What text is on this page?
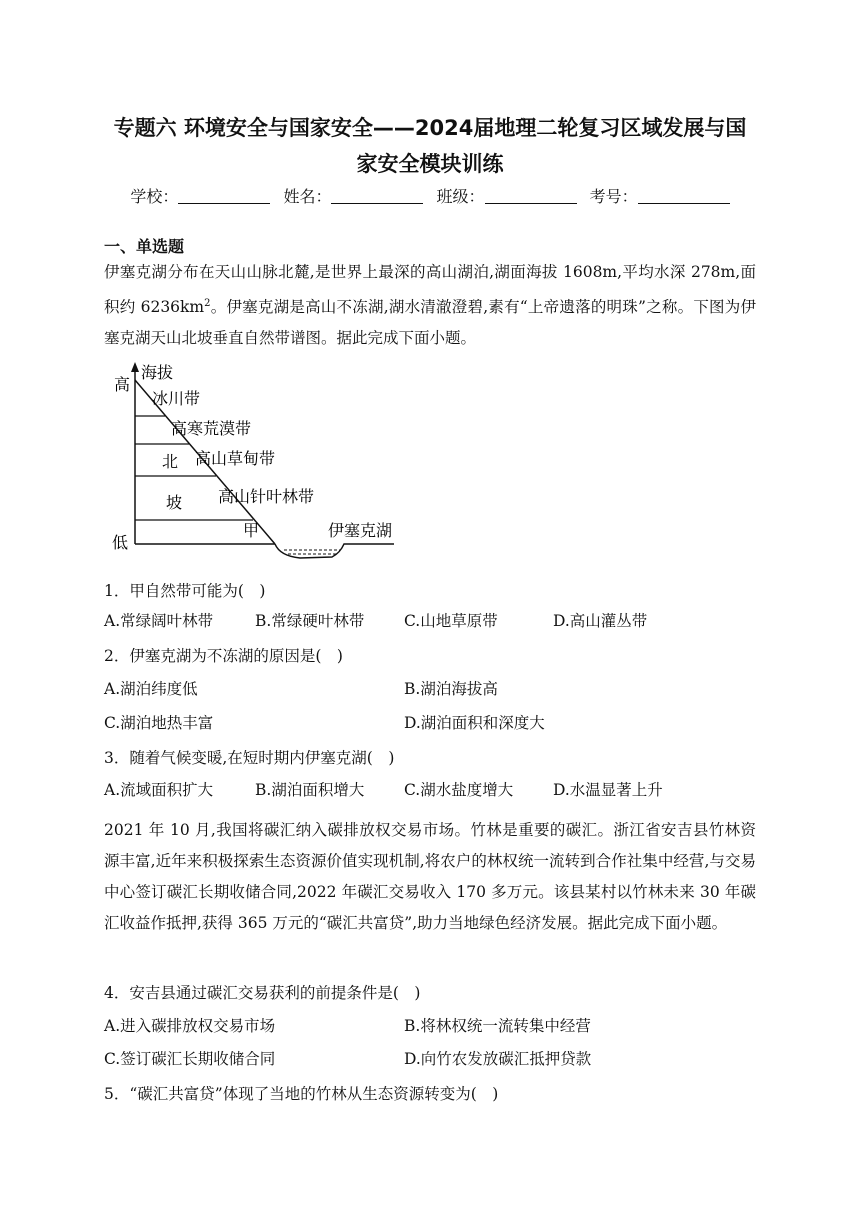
专题六 环境安全与国家安全——2024届地理二轮复习区域发展与国
家安全模块训练
学校：	姓名：	班级：	考号：
一、单选题
伊塞克湖分布在天山山脉北麓,是世界上最深的高山湖泊,湖面海拔 1608m,平均水深 278m,面积约 $6236km^2$。伊塞克湖是高山不冻湖,湖水清澈澄碧,素有“上帝遗落的明珠”之称。下图为伊塞克湖天山北坡垂直自然带谱图。据此完成下面小题。
海拔
高
低
北
坡
冰川带
高寒荒漠带
高山草甸带
高山针叶林带
甲	伊塞克湖
1．甲自然带可能为(　)
A.常绿阔叶林带	B.常绿硬叶林带	C.山地草原带	D.高山灌丛带
2．伊塞克湖为不冻湖的原因是(　)
A.湖泊纬度低	B.湖泊海拔高
C.湖泊地热丰富	D.湖泊面积和深度大
3．随着气候变暖,在短时期内伊塞克湖(　)
A.流域面积扩大	B.湖泊面积增大	C.湖水盐度增大	D.水温显著上升
2021 年 10 月,我国将碳汇纳入碳排放权交易市场。竹林是重要的碳汇。浙江省安吉县竹林资源丰富,近年来积极探索生态资源价值实现机制,将农户的林权统一流转到合作社集中经营,与交易中心签订碳汇长期收储合同,2022 年碳汇交易收入 170 多万元。该县某村以竹林未来 30 年碳汇收益作抵押,获得 365 万元的“碳汇共富贷”,助力当地绿色经济发展。据此完成下面小题。
4．安吉县通过碳汇交易获利的前提条件是(　)
A.进入碳排放权交易市场	B.将林权统一流转集中经营
C.签订碳汇长期收储合同	D.向竹农发放碳汇抵押贷款
5．“碳汇共富贷”体现了当地的竹林从生态资源转变为(　)
